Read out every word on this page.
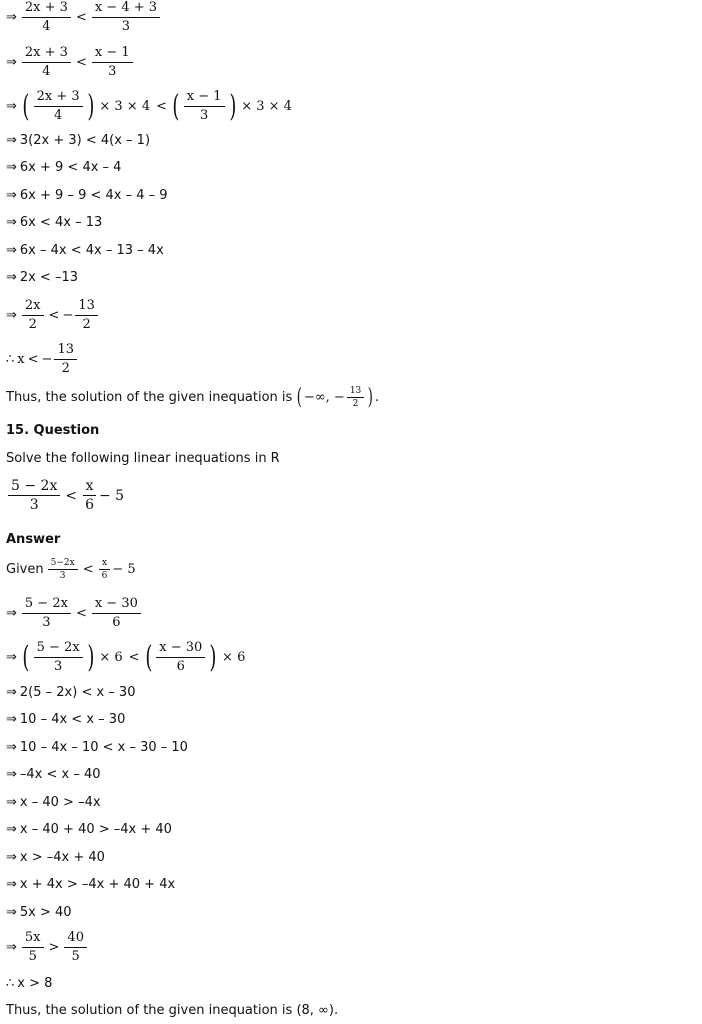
⇒ $\frac{2x + 3}{4} < \frac{x - 4 + 3}{3}$
⇒ $\frac{2x + 3}{4} < \frac{x - 1}{3}$
⇒ ( $\frac{2x + 3}{4}$ ) × 3 × 4 < ( $\frac{x - 1}{3}$ ) × 3 × 4
⇒ 3(2x + 3) < 4(x – 1)
⇒ 6x + 9 < 4x – 4
⇒ 6x + 9 – 9 < 4x – 4 – 9
⇒ 6x < 4x – 13
⇒ 6x – 4x < 4x – 13 – 4x
⇒ 2x < –13
⇒ $\frac{2x}{2}$ < − $\frac{13}{2}$
∴ x < − $\frac{13}{2}$
Thus, the solution of the given inequation is ( −∞, − $\frac{13}{2}$ ) .
15. Question
Solve the following linear inequations in R
$\frac{5 - 2x}{3} < \frac{x}{6} - 5$
Answer
Given $\frac{5-2x}{3} < \frac{x}{6} - 5$
⇒ $\frac{5 - 2x}{3} < \frac{x - 30}{6}$
⇒ ( $\frac{5 - 2x}{3}$ ) × 6 < ( $\frac{x - 30}{6}$ ) × 6
⇒ 2(5 – 2x) < x – 30
⇒ 10 – 4x < x – 30
⇒ 10 – 4x – 10 < x – 30 – 10
⇒ –4x < x – 40
⇒ x – 40 > –4x
⇒ x – 40 + 40 > –4x + 40
⇒ x > –4x + 40
⇒ x + 4x > –4x + 40 + 4x
⇒ 5x > 40
⇒ $\frac{5x}{5} > \frac{40}{5}$
∴ x > 8
Thus, the solution of the given inequation is (8, ∞).
